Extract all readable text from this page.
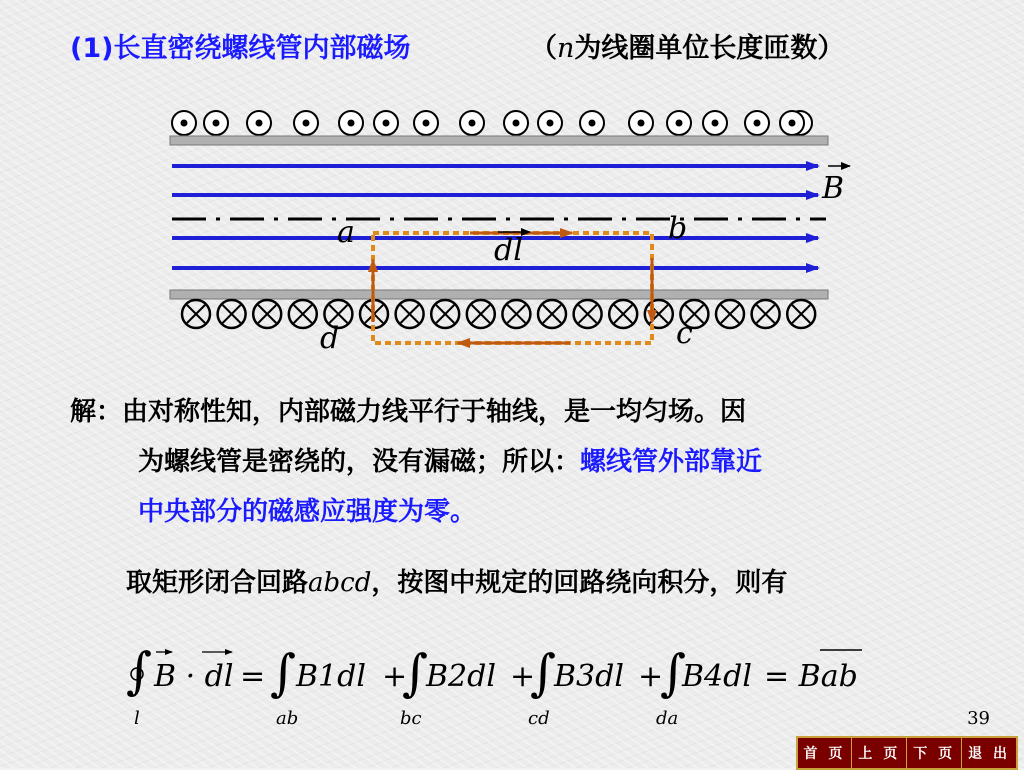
(1)长直密绕螺线管内部磁场	（n为线圈单位长度匝数）
B
dl
a	b
c
d
解：由对称性知，内部磁力线平行于轴线，是一均匀场。因
为螺线管是密绕的，没有漏磁；所以：螺线管外部靠近
中央部分的磁感应强度为零。
取矩形闭合回路abcd，按图中规定的回路绕向积分，则有
∫ B · dl = ∫ B1dl +
∫
B2dl +
∫
B3dl +
∫
B4dl = Bab
l	ab	bc	cd	da	39
首 页 上 页 下 页 退 出
